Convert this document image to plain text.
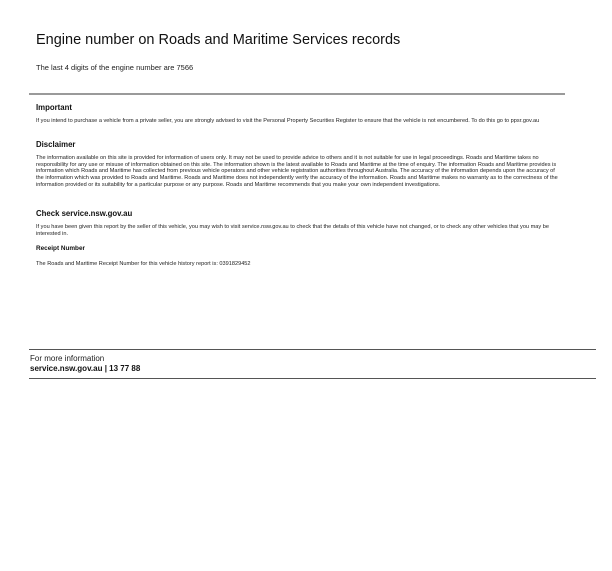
Engine number on Roads and Maritime Services records
The last 4 digits of the engine number are 7566
Important

If you intend to purchase a vehicle from a private seller, you are strongly advised to visit the Personal Property Securities Register to ensure that the vehicle is not encumbered. To do this go to ppsr.gov.au

Disclaimer

The information available on this site is provided for information of users only. It may not be used to provide advice to others and it is not suitable for use in legal proceedings. Roads and Maritime takes no responsibility for any use or misuse of information obtained on this site. The information shown is the latest available to Roads and Maritime at the time of enquiry. The information Roads and Maritime provides is information which Roads and Maritime has collected from previous vehicle operators and other vehicle registration authorities throughout Australia. The accuracy of the information depends upon the accuracy of the information which was provided to Roads and Maritime. Roads and Maritime does not independently verify the accuracy of the information. Roads and Maritime makes no warranty as to the correctness of the information provided or its suitability for a particular purpose or any purpose. Roads and Maritime recommends that you make your own independent investigations.

Check service.nsw.gov.au

If you have been given this report by the seller of this vehicle, you may wish to visit service.nsw.gov.au to check that the details of this vehicle have not changed, or to check any other vehicles that you may be interested in.

Receipt Number

The Roads and Maritime Receipt Number for this vehicle history report is: 0391829452

For more information
service.nsw.gov.au | 13 77 88
